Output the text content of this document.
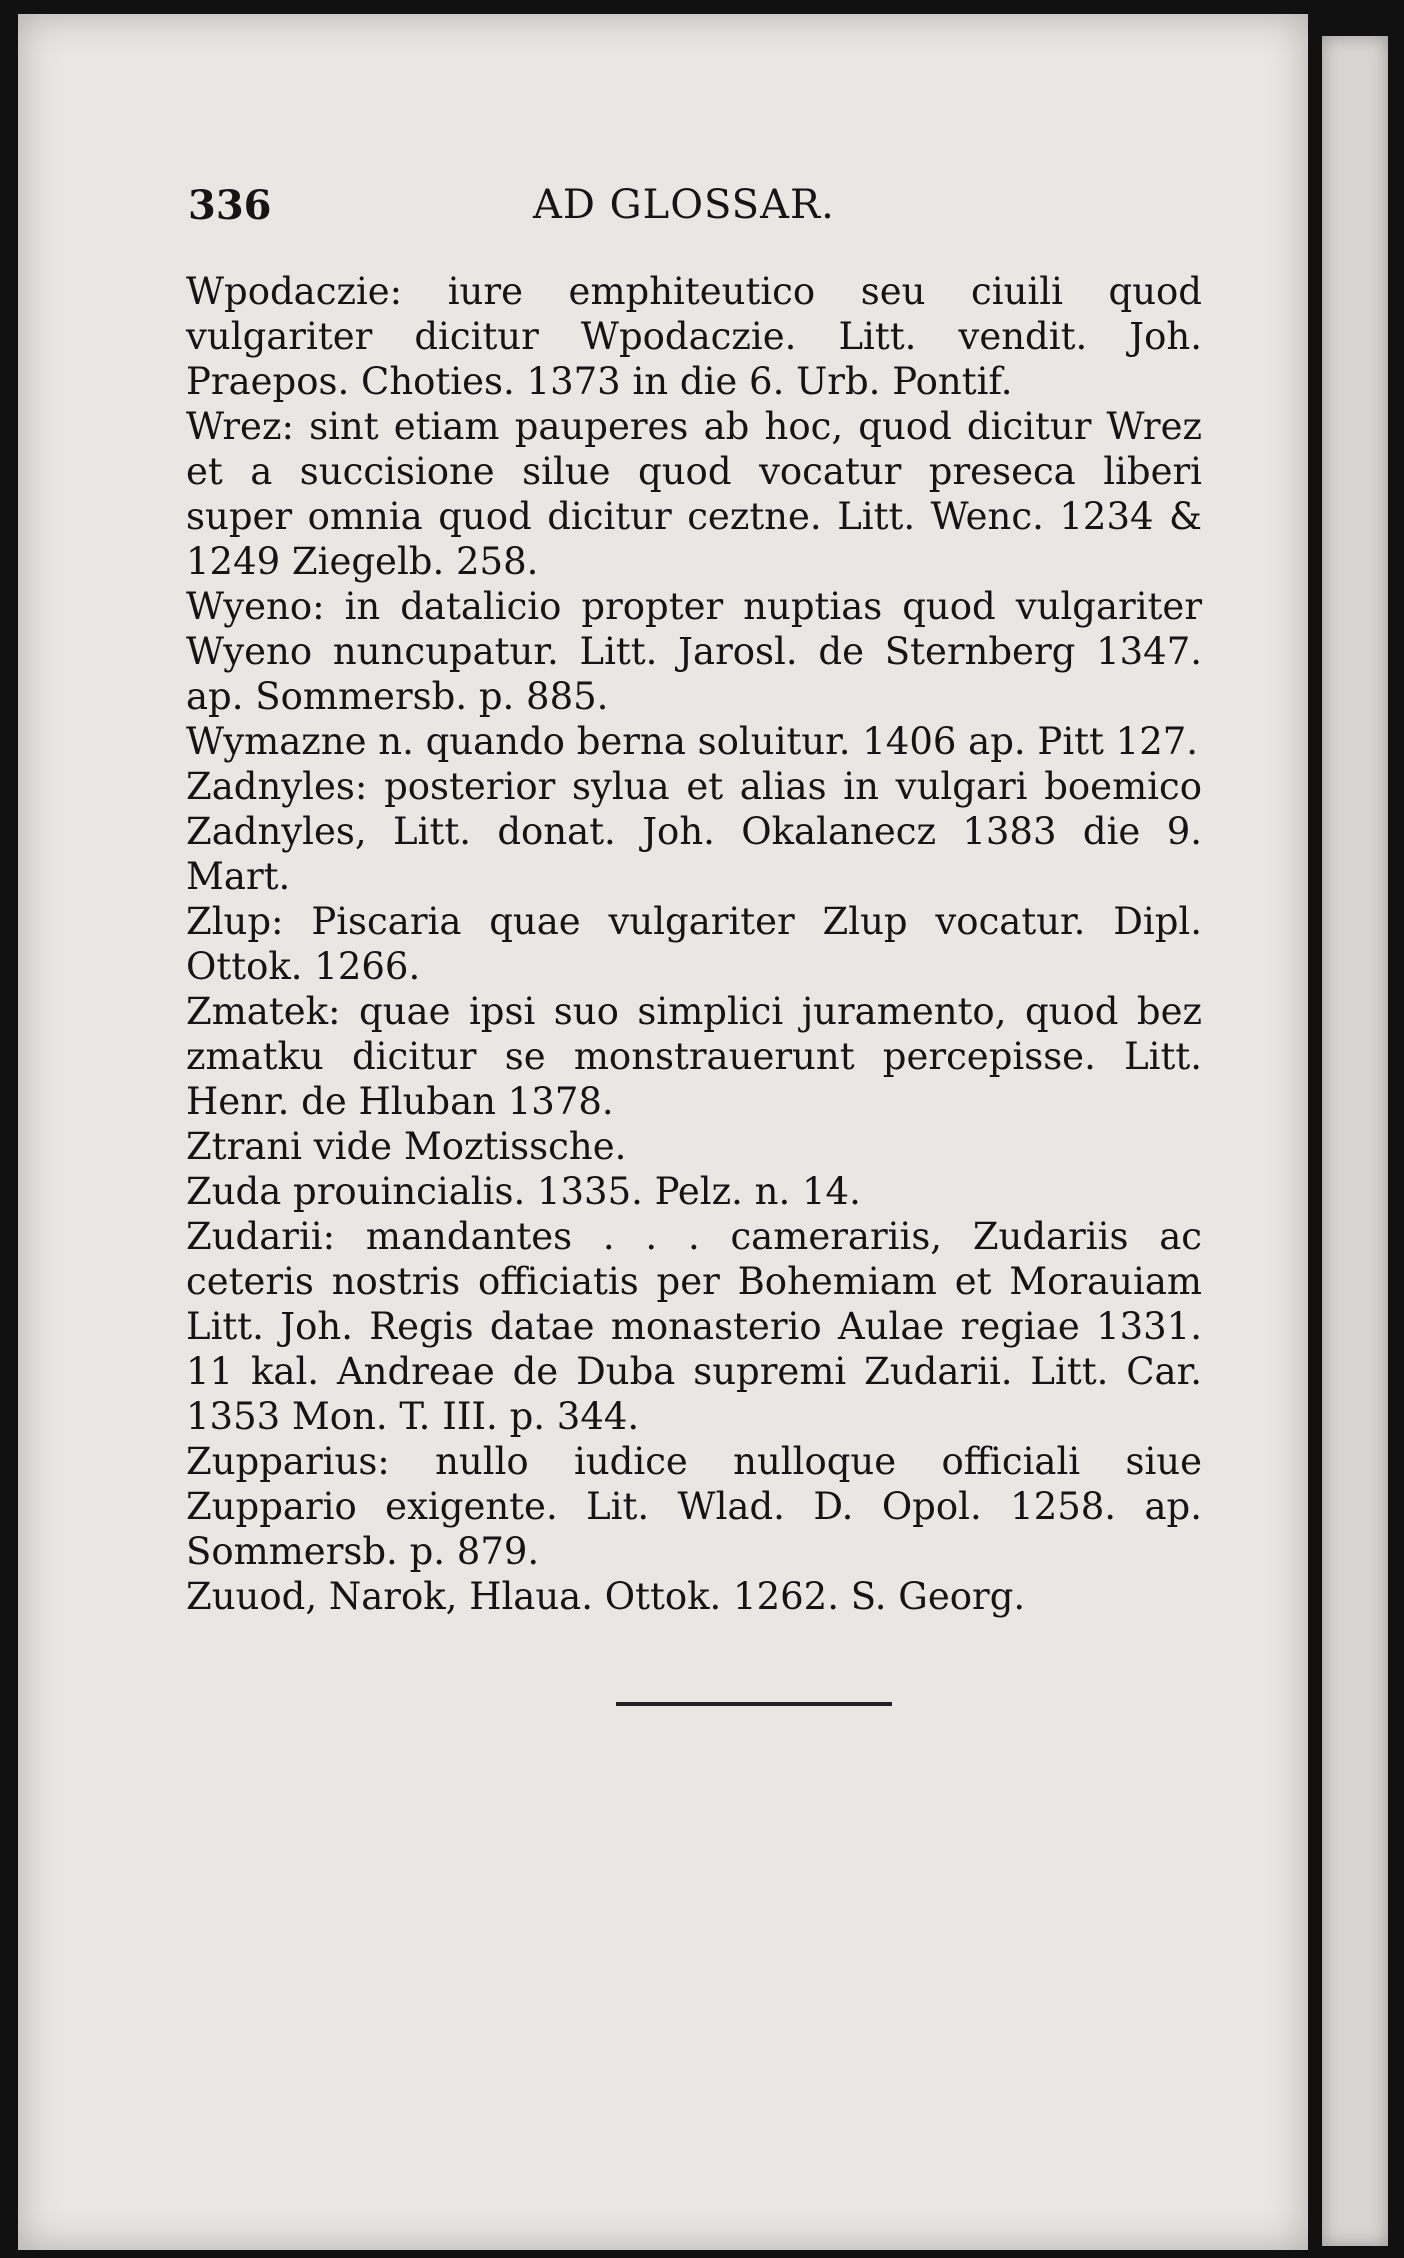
336	AD GLOSSAR.

Wpodaczie: iure emphiteutico seu ciuili quod vulgariter dicitur Wpodaczie. Litt. vendit. Joh. Praepos. Choties. 1373 in die 6. Urb. Pontif.

Wrez: sint etiam pauperes ab hoc, quod dicitur Wrez et a succisione silue quod vocatur preseca liberi super omnia quod dicitur ceztne. Litt. Wenc. 1234 & 1249 Ziegelb. 258.

Wyeno: in datalicio propter nuptias quod vulgariter Wyeno nuncupatur. Litt. Jarosl. de Sternberg 1347. ap. Sommersb. p. 885.

Wymazne n. quando berna soluitur. 1406 ap. Pitt 127.

Zadnyles: posterior sylua et alias in vulgari boemico Zadnyles, Litt. donat. Joh. Okalanecz 1383 die 9. Mart.

Zlup: Piscaria quae vulgariter Zlup vocatur. Dipl. Ottok. 1266.

Zmatek: quae ipsi suo simplici juramento, quod bez zmatku dicitur se monstrauerunt percepisse. Litt. Henr. de Hluban 1378.

Ztrani vide Moztissche.

Zuda prouincialis. 1335. Pelz. n. 14.

Zudarii: mandantes . . . camerariis, Zudariis ac ceteris nostris officiatis per Bohemiam et Morauiam Litt. Joh. Regis datae monasterio Aulae regiae 1331. 11 kal. Andreae de Duba supremi Zudarii. Litt. Car. 1353 Mon. T. III. p. 344.

Zupparius: nullo iudice nulloque officiali siue Zuppario exigente. Lit. Wlad. D. Opol. 1258. ap. Sommersb. p. 879.

Zuuod, Narok, Hlaua. Ottok. 1262. S. Georg.
